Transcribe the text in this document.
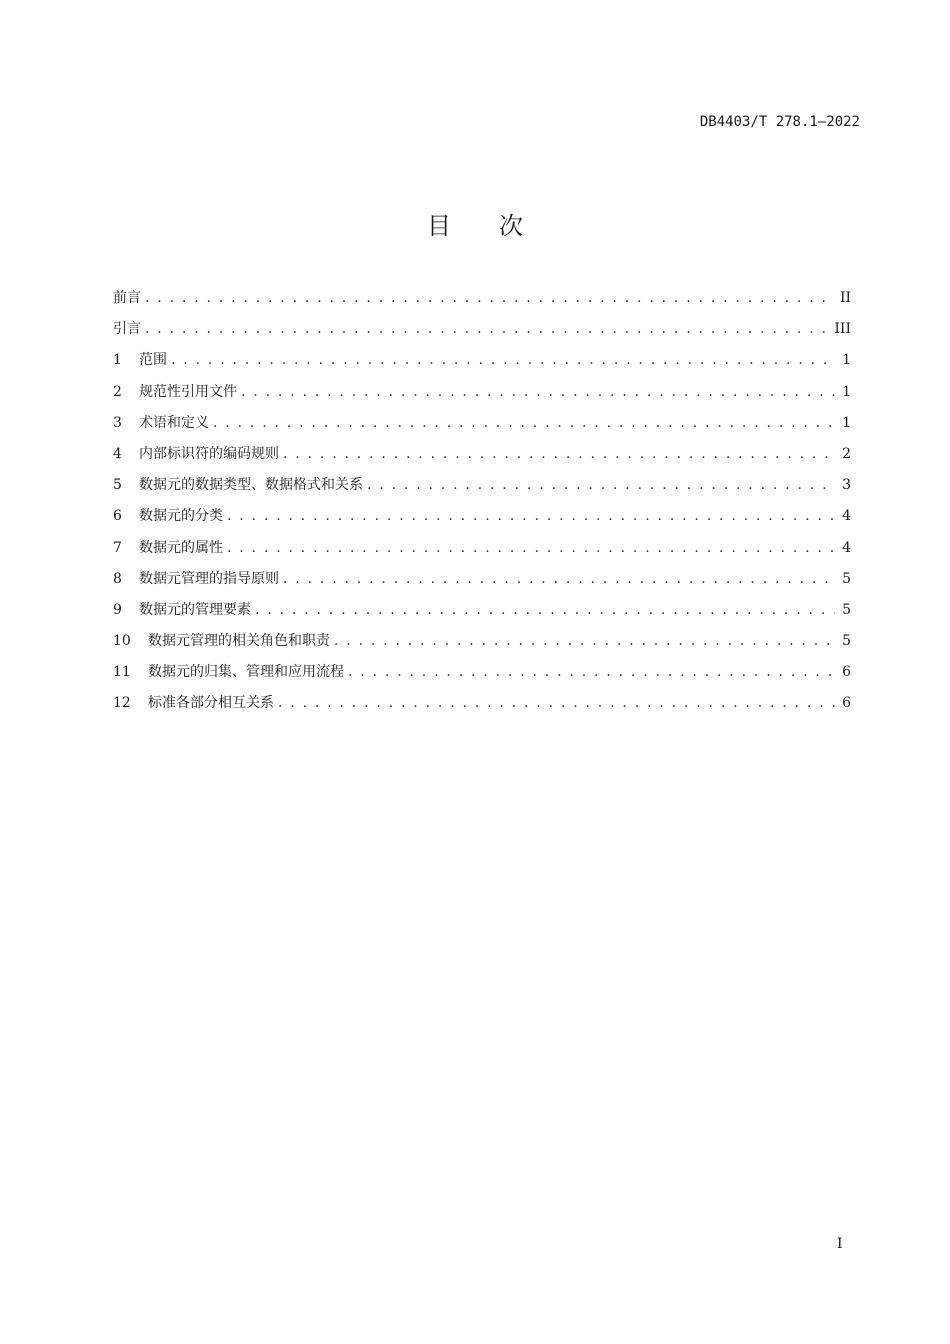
DB4403/T 278.1—2022
目次
前言 . . .	II
引言 . . .	III
1	范围 . . .	1
2	规范性引用文件 . . .	1
3	术语和定义 . . .	1
4	内部标识符的编码规则 . . .	2
5	数据元的数据类型、数据格式和关系 . . .	3
6	数据元的分类 . . .	4
7	数据元的属性 . . .	4
8	数据元管理的指导原则 . . .	5
9	数据元的管理要素 . . .	5
10	数据元管理的相关角色和职责 . . .	5
11	数据元的归集、管理和应用流程 . . .	6
12	标准各部分相互关系 . . .	6
I
